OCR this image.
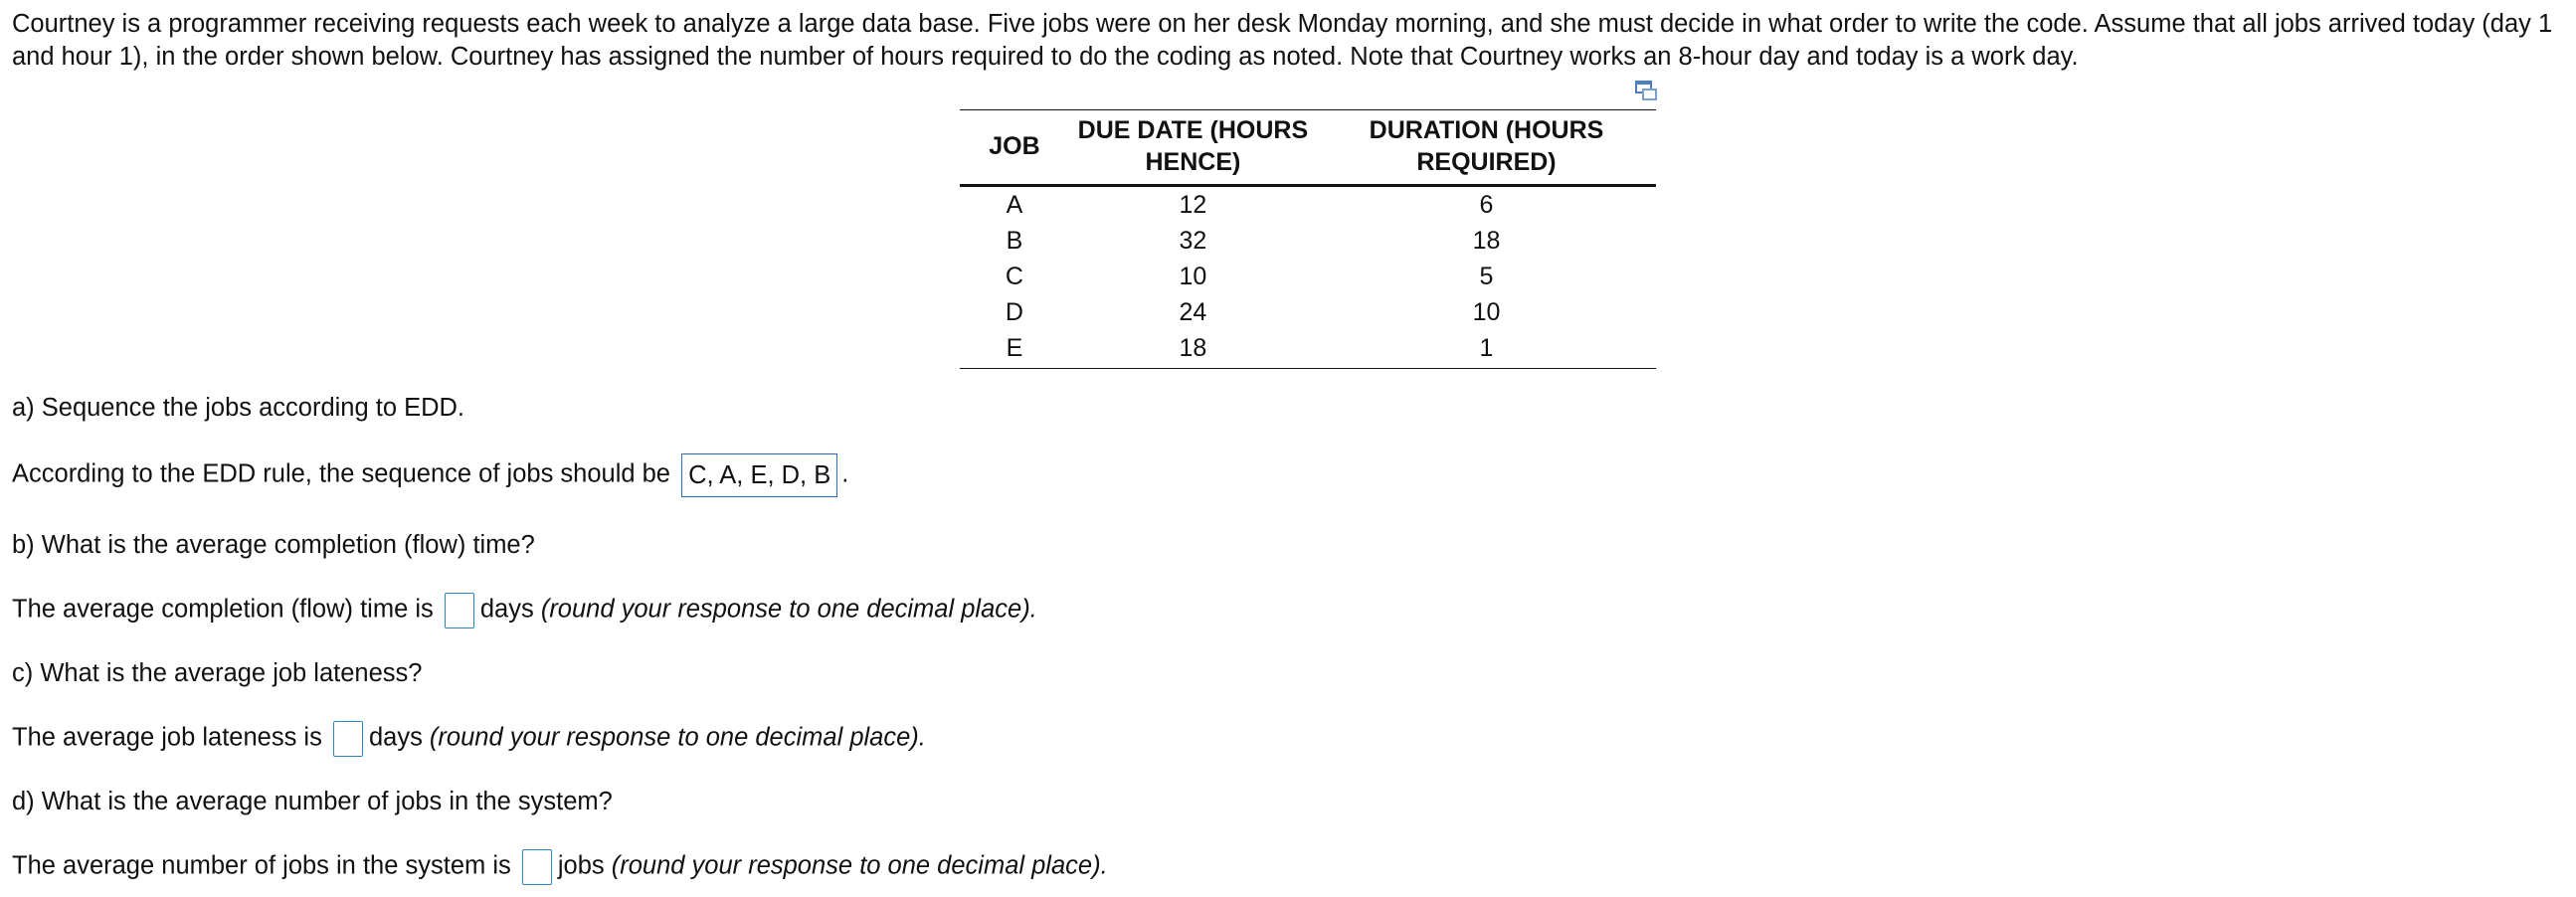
Courtney is a programmer receiving requests each week to analyze a large data base. Five jobs were on her desk Monday morning, and she must decide in what order to write the code. Assume that all jobs arrived today (day 1 and hour 1), in the order shown below. Courtney has assigned the number of hours required to do the coding as noted. Note that Courtney works an 8-hour day and today is a work day.

JOB	DUE DATE (HOURS HENCE)	DURATION (HOURS REQUIRED)
A	12	6
B	32	18
C	10	5
D	24	10
E	18	1

a) Sequence the jobs according to EDD.

According to the EDD rule, the sequence of jobs should be C, A, E, D, B .

b) What is the average completion (flow) time?

The average completion (flow) time is days (round your response to one decimal place).

c) What is the average job lateness?

The average job lateness is days (round your response to one decimal place).

d) What is the average number of jobs in the system?

The average number of jobs in the system is jobs (round your response to one decimal place).
